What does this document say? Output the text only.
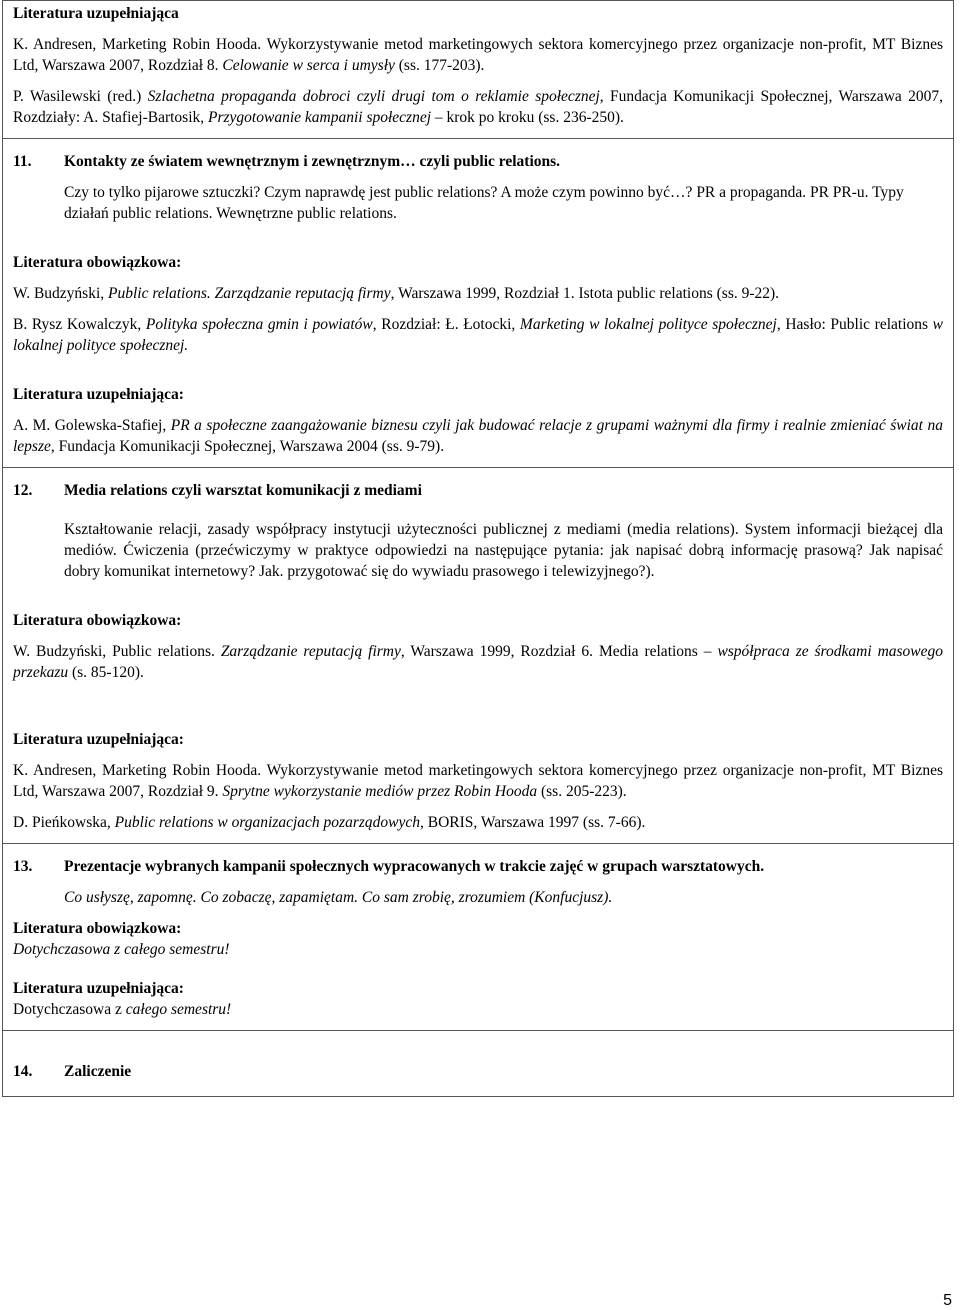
Literatura uzupełniająca

K. Andresen, Marketing Robin Hooda. Wykorzystywanie metod marketingowych sektora komercyjnego przez organizacje non-profit, MT Biznes Ltd, Warszawa 2007, Rozdział 8. Celowanie w serca i umysły (ss. 177-203).

P. Wasilewski (red.) Szlachetna propaganda dobroci czyli drugi tom o reklamie społecznej, Fundacja Komunikacji Społecznej, Warszawa 2007, Rozdziały: A. Stafiej-Bartosik, Przygotowanie kampanii społecznej – krok po kroku (ss. 236-250).

11. Kontakty ze światem wewnętrznym i zewnętrznym… czyli public relations.

Czy to tylko pijarowe sztuczki? Czym naprawdę jest public relations? A może czym powinno być…? PR a propaganda. PR PR-u. Typy działań public relations. Wewnętrzne public relations.

Literatura obowiązkowa:

W. Budzyński, Public relations. Zarządzanie reputacją firmy, Warszawa 1999, Rozdział 1. Istota public relations (ss. 9-22).

B. Rysz Kowalczyk, Polityka społeczna gmin i powiatów, Rozdział: Ł. Łotocki, Marketing w lokalnej polityce społecznej, Hasło: Public relations w lokalnej polityce społecznej.

Literatura uzupełniająca:

A. M. Golewska-Stafiej, PR a społeczne zaangażowanie biznesu czyli jak budować relacje z grupami ważnymi dla firmy i realnie zmieniać świat na lepsze, Fundacja Komunikacji Społecznej, Warszawa 2004 (ss. 9-79).

12. Media relations czyli warsztat komunikacji z mediami

Kształtowanie relacji, zasady współpracy instytucji użyteczności publicznej z mediami (media relations). System informacji bieżącej dla mediów. Ćwiczenia (przećwiczymy w praktyce odpowiedzi na następujące pytania: jak napisać dobrą informację prasową? Jak napisać dobry komunikat internetowy? Jak. przygotować się do wywiadu prasowego i telewizyjnego?).

Literatura obowiązkowa:

W. Budzyński, Public relations. Zarządzanie reputacją firmy, Warszawa 1999, Rozdział 6. Media relations – współpraca ze środkami masowego przekazu (s. 85-120).

Literatura uzupełniająca:

K. Andresen, Marketing Robin Hooda. Wykorzystywanie metod marketingowych sektora komercyjnego przez organizacje non-profit, MT Biznes Ltd, Warszawa 2007, Rozdział 9. Sprytne wykorzystanie mediów przez Robin Hooda (ss. 205-223).

D. Pieńkowska, Public relations w organizacjach pozarządowych, BORIS, Warszawa 1997 (ss. 7-66).

13. Prezentacje wybranych kampanii społecznych wypracowanych w trakcie zajęć w grupach warsztatowych.

Co usłyszę, zapomnę. Co zobaczę, zapamiętam. Co sam zrobię, zrozumiem (Konfucjusz).

Literatura obowiązkowa:

Dotychczasowa z całego semestru!

Literatura uzupełniająca:

Dotychczasowa z całego semestru!

14. Zaliczenie

5
